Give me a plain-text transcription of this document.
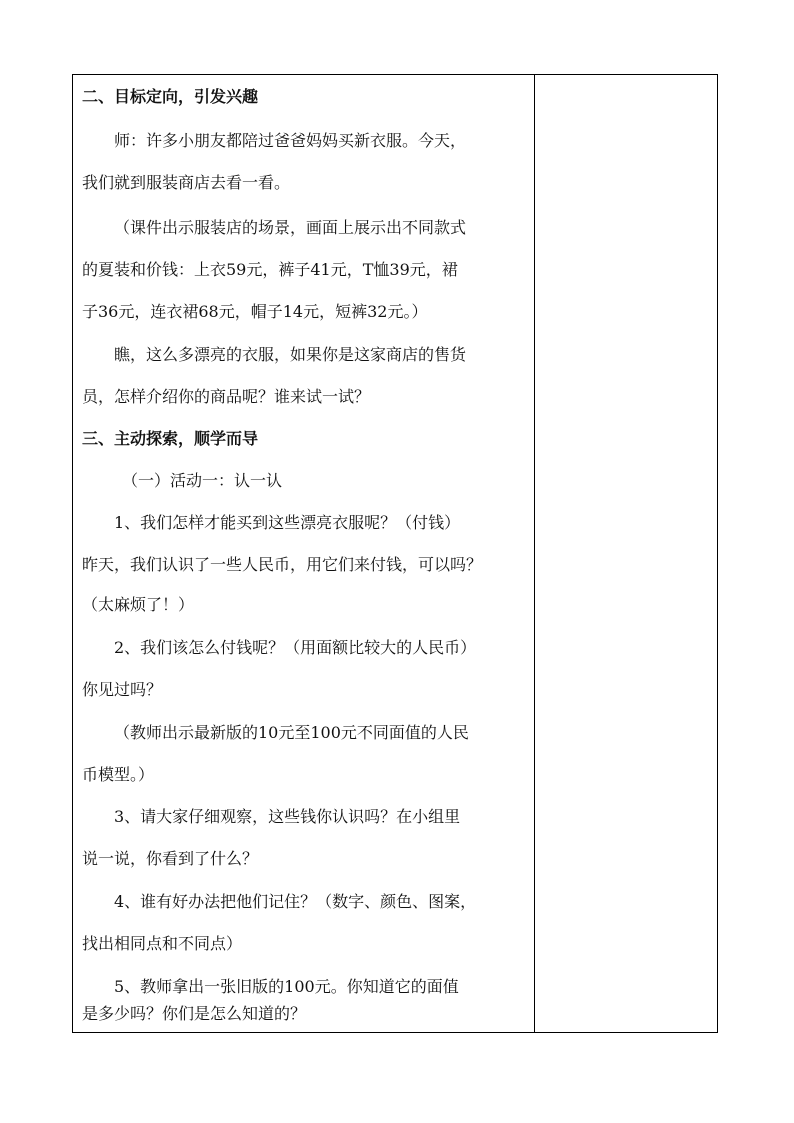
二、目标定向，引发兴趣
师：许多小朋友都陪过爸爸妈妈买新衣服。今天，
我们就到服装商店去看一看。
（课件出示服装店的场景，画面上展示出不同款式
的夏装和价钱：上衣59元，裤子41元，T恤39元，裙
子36元，连衣裙68元，帽子14元，短裤32元。）
瞧，这么多漂亮的衣服，如果你是这家商店的售货
员，怎样介绍你的商品呢？谁来试一试？
三、主动探索，顺学而导
（一）活动一：认一认
1、我们怎样才能买到这些漂亮衣服呢？（付钱）
昨天，我们认识了一些人民币，用它们来付钱，可以吗？
（太麻烦了！）
2、我们该怎么付钱呢？（用面额比较大的人民币）
你见过吗？
（教师出示最新版的10元至100元不同面值的人民
币模型。）
3、请大家仔细观察，这些钱你认识吗？在小组里
说一说，你看到了什么？
4、谁有好办法把他们记住？（数字、颜色、图案，
找出相同点和不同点）
5、教师拿出一张旧版的100元。你知道它的面值
是多少吗？你们是怎么知道的？
